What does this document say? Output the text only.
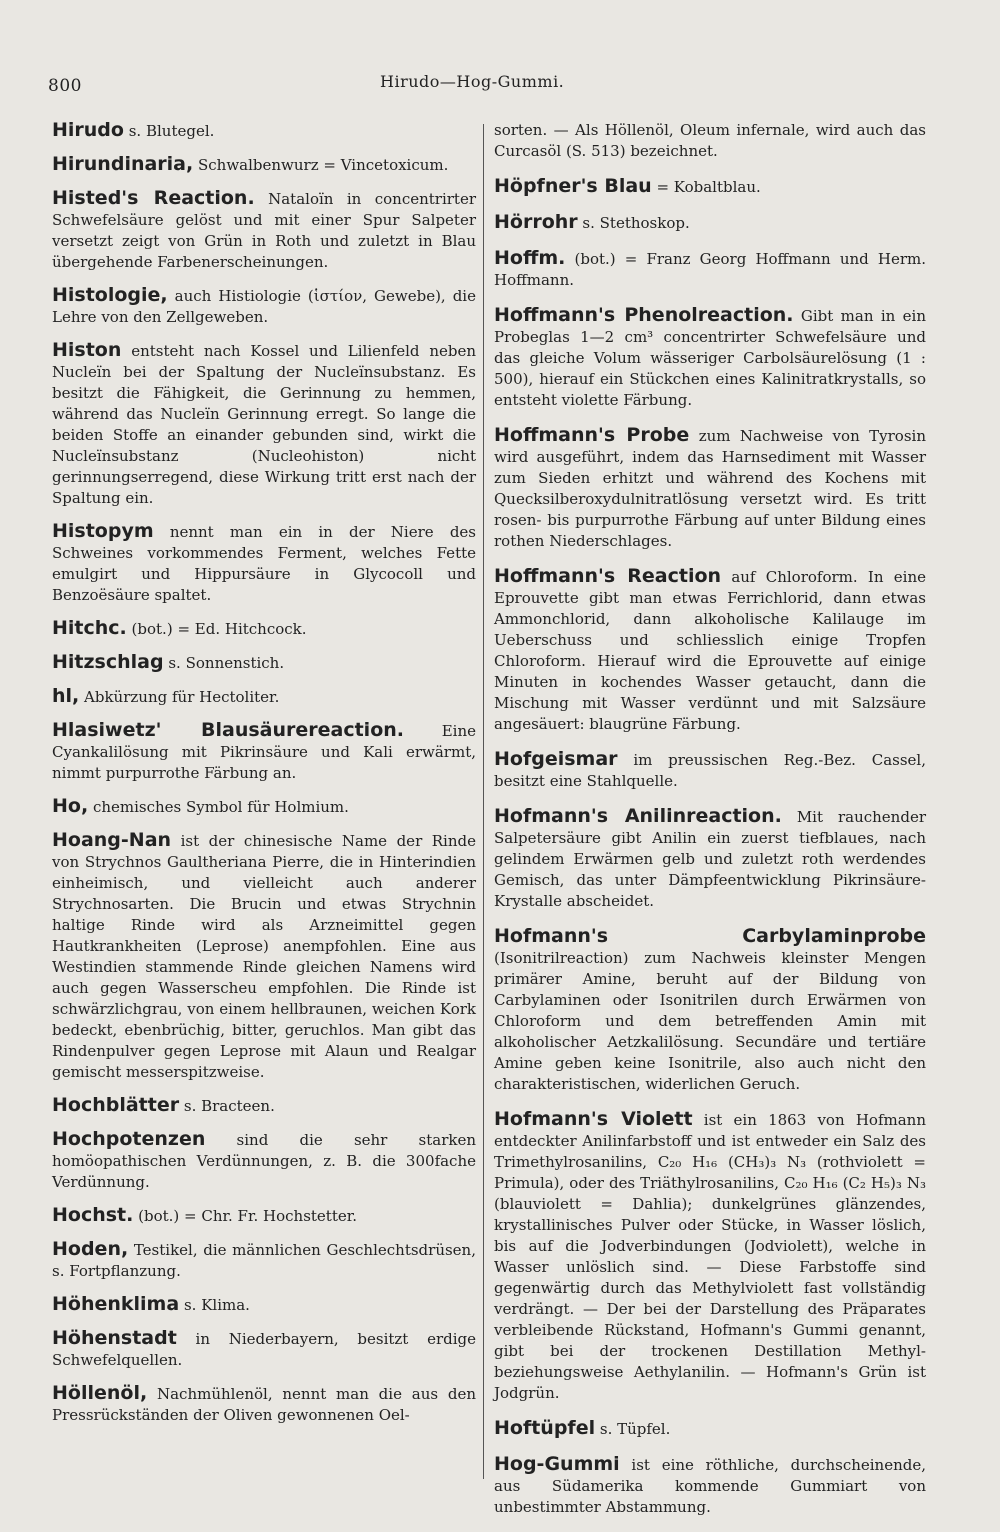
800	Hirudo—Hog-Gummi.

Hirudo s. Blutegel.

Hirundinaria, Schwalbenwurz = Vincetoxicum.

Histed's Reaction. Nataloïn in concentrirter Schwefelsäure gelöst und mit einer Spur Salpeter versetzt zeigt von Grün in Roth und zuletzt in Blau übergehende Farbenerscheinungen.

Histologie, auch Histiologie (ἱστίον, Gewebe), die Lehre von den Zellgeweben.

Histon entsteht nach Kossel und Lilienfeld neben Nucleïn bei der Spaltung der Nucleïnsubstanz. Es besitzt die Fähigkeit, die Gerinnung zu hemmen, während das Nucleïn Gerinnung erregt. So lange die beiden Stoffe an einander gebunden sind, wirkt die Nucleïnsubstanz (Nucleohiston) nicht gerinnungserregend, diese Wirkung tritt erst nach der Spaltung ein.

Histopym nennt man ein in der Niere des Schweines vorkommendes Ferment, welches Fette emulgirt und Hippursäure in Glycocoll und Benzoësäure spaltet.

Hitchc. (bot.) = Ed. Hitchcock.

Hitzschlag s. Sonnenstich.

hl, Abkürzung für Hectoliter.

Hlasiwetz' Blausäurereaction. Eine Cyankalilösung mit Pikrinsäure und Kali erwärmt, nimmt purpurrothe Färbung an.

Ho, chemisches Symbol für Holmium.

Hoang-Nan ist der chinesische Name der Rinde von Strychnos Gaultheriana Pierre, die in Hinterindien einheimisch, und vielleicht auch anderer Strychnosarten. Die Brucin und etwas Strychnin haltige Rinde wird als Arzneimittel gegen Hautkrankheiten (Leprose) anempfohlen. Eine aus Westindien stammende Rinde gleichen Namens wird auch gegen Wasserscheu empfohlen. Die Rinde ist schwärzlichgrau, von einem hellbraunen, weichen Kork bedeckt, ebenbrüchig, bitter, geruchlos. Man gibt das Rindenpulver gegen Leprose mit Alaun und Realgar gemischt messerspitzweise.

Hochblätter s. Bracteen.

Hochpotenzen sind die sehr starken homöopathischen Verdünnungen, z. B. die 300fache Verdünnung.

Hochst. (bot.) = Chr. Fr. Hochstetter.

Hoden, Testikel, die männlichen Geschlechtsdrüsen, s. Fortpflanzung.

Höhenklima s. Klima.

Höhenstadt in Niederbayern, besitzt erdige Schwefelquellen.

Höllenöl, Nachmühlenöl, nennt man die aus den Pressrückständen der Oliven gewonnenen Oel-

sorten. — Als Höllenöl, Oleum infernale, wird auch das Curcasöl (S. 513) bezeichnet.

Höpfner's Blau = Kobaltblau.

Hörrohr s. Stethoskop.

Hoffm. (bot.) = Franz Georg Hoffmann und Herm. Hoffmann.

Hoffmann's Phenolreaction. Gibt man in ein Probeglas 1—2 cm³ concentrirter Schwefelsäure und das gleiche Volum wässeriger Carbolsäurelösung (1 : 500), hierauf ein Stückchen eines Kalinitratkrystalls, so entsteht violette Färbung.

Hoffmann's Probe zum Nachweise von Tyrosin wird ausgeführt, indem das Harnsediment mit Wasser zum Sieden erhitzt und während des Kochens mit Quecksilberoxydulnitratlösung versetzt wird. Es tritt rosen- bis purpurrothe Färbung auf unter Bildung eines rothen Niederschlages.

Hoffmann's Reaction auf Chloroform. In eine Eprouvette gibt man etwas Ferrichlorid, dann etwas Ammonchlorid, dann alkoholische Kalilauge im Ueberschuss und schliesslich einige Tropfen Chloroform. Hierauf wird die Eprouvette auf einige Minuten in kochendes Wasser getaucht, dann die Mischung mit Wasser verdünnt und mit Salzsäure angesäuert: blaugrüne Färbung.

Hofgeismar im preussischen Reg.-Bez. Cassel, besitzt eine Stahlquelle.

Hofmann's Anilinreaction. Mit rauchender Salpetersäure gibt Anilin ein zuerst tiefblaues, nach gelindem Erwärmen gelb und zuletzt roth werdendes Gemisch, das unter Dämpfeentwicklung Pikrinsäure-Krystalle abscheidet.

Hofmann's Carbylaminprobe (Isonitrilreaction) zum Nachweis kleinster Mengen primärer Amine, beruht auf der Bildung von Carbylaminen oder Isonitrilen durch Erwärmen von Chloroform und dem betreffenden Amin mit alkoholischer Aetzkalilösung. Secundäre und tertiäre Amine geben keine Isonitrile, also auch nicht den charakteristischen, widerlichen Geruch.

Hofmann's Violett ist ein 1863 von Hofmann entdeckter Anilinfarbstoff und ist entweder ein Salz des Trimethylrosanilins, C₂₀ H₁₆ (CH₃)₃ N₃ (rothviolett = Primula), oder des Triäthylrosanilins, C₂₀ H₁₆ (C₂ H₅)₃ N₃ (blauviolett = Dahlia); dunkelgrünes glänzendes, krystallinisches Pulver oder Stücke, in Wasser löslich, bis auf die Jodverbindungen (Jodviolett), welche in Wasser unlöslich sind. — Diese Farbstoffe sind gegenwärtig durch das Methylviolett fast vollständig verdrängt. — Der bei der Darstellung des Präparates verbleibende Rückstand, Hofmann's Gummi genannt, gibt bei der trockenen Destillation Methyl- beziehungsweise Aethylanilin. — Hofmann's Grün ist Jodgrün.

Hoftüpfel s. Tüpfel.

Hog-Gummi ist eine röthliche, durchscheinende, aus Südamerika kommende Gummiart von unbestimmter Abstammung.
